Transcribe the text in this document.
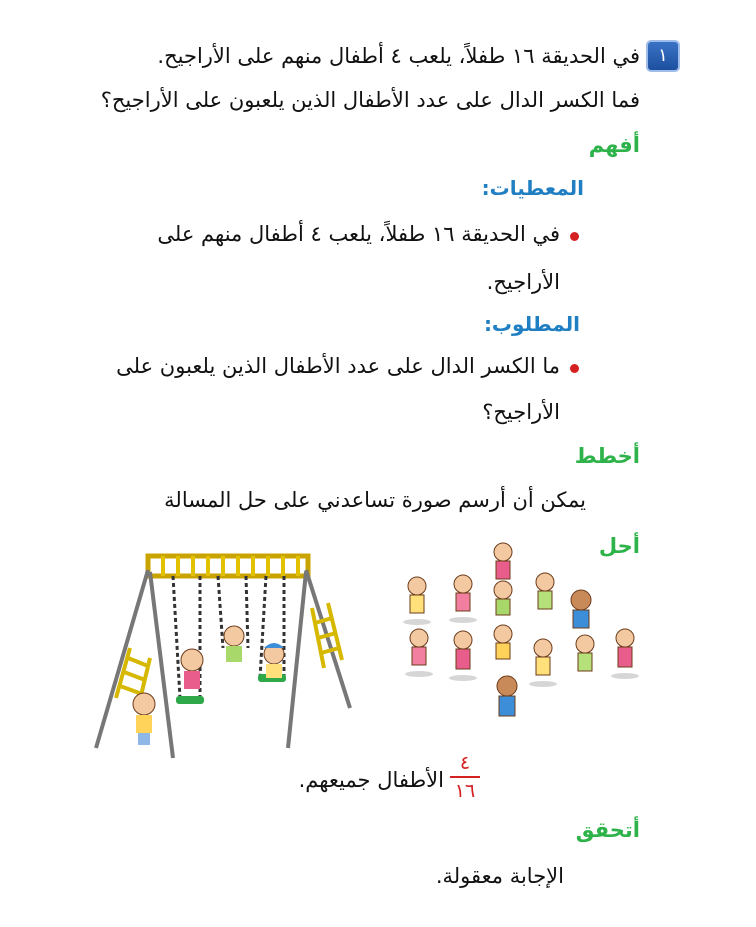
١
في الحديقة ١٦ طفلاً، يلعب ٤ أطفال منهم على الأراجيح.
فما الكسر الدال على عدد الأطفال الذين يلعبون على الأراجيح؟
أفهم
المعطيات:
في الحديقة ١٦ طفلاً، يلعب ٤ أطفال منهم على
الأراجيح.
المطلوب:
ما الكسر الدال على عدد الأطفال الذين يلعبون على
الأراجيح؟
أخطط
يمكن أن أرسم صورة تساعدني على حل المسالة
أحل
٤
١٦
الأطفال جميعهم.
أتحقق
الإجابة معقولة.
